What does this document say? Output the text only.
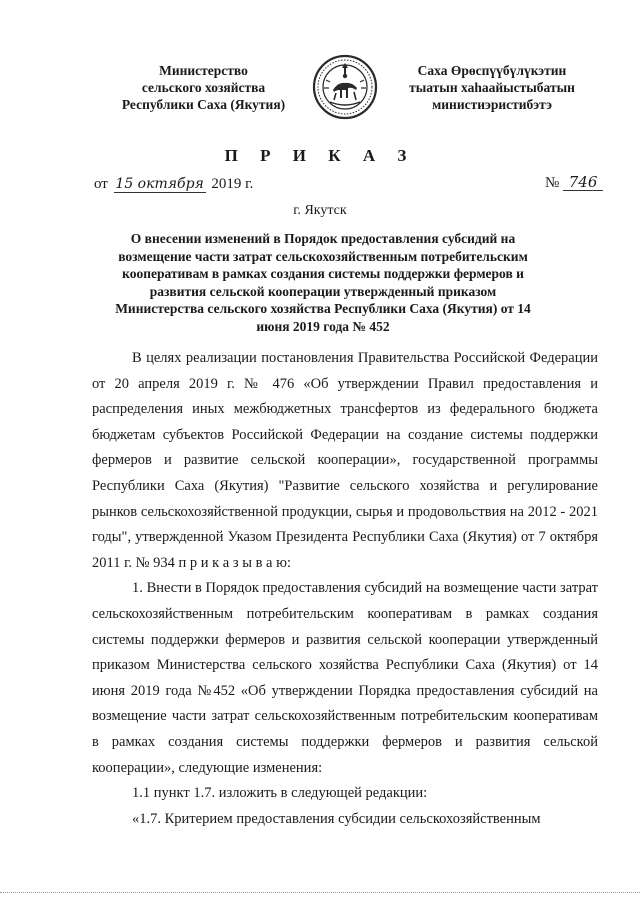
Министерство
сельского хозяйства
Республики Саха (Якутия)
Саха Өрөспүүбүлүкэтин
тыатын хаһаайыстыбатын
министиэристибэтэ
П Р И К А З
от 15 октября 2019 г.	№ 746
г. Якутск
О внесении изменений в Порядок предоставления субсидий на возмещение части затрат сельскохозяйственным потребительским кооперативам в рамках создания системы поддержки фермеров и развития сельской кооперации утвержденный приказом Министерства сельского хозяйства Республики Саха (Якутия) от 14 июня 2019 года № 452

В целях реализации постановления Правительства Российской Федерации от 20 апреля 2019 г. № 476 «Об утверждении Правил предоставления и распределения иных межбюджетных трансфертов из федерального бюджета бюджетам субъектов Российской Федерации на создание системы поддержки фермеров и развитие сельской кооперации», государственной программы Республики Саха (Якутия) "Развитие сельского хозяйства и регулирование рынков сельскохозяйственной продукции, сырья и продовольствия на 2012 - 2021 годы", утвержденной Указом Президента Республики Саха (Якутия) от 7 октября 2011 г. № 934 п р и к а з ы в а ю:

1. Внести в Порядок предоставления субсидий на возмещение части затрат сельскохозяйственным потребительским кооперативам в рамках создания системы поддержки фермеров и развития сельской кооперации утвержденный приказом Министерства сельского хозяйства Республики Саха (Якутия) от 14 июня 2019 года №452 «Об утверждении Порядка предоставления субсидий на возмещение части затрат сельскохозяйственным потребительским кооперативам в рамках создания системы поддержки фермеров и развития сельской кооперации», следующие изменения:

1.1 пункт 1.7. изложить в следующей редакции:

«1.7. Критерием предоставления субсидии сельскохозяйственным
